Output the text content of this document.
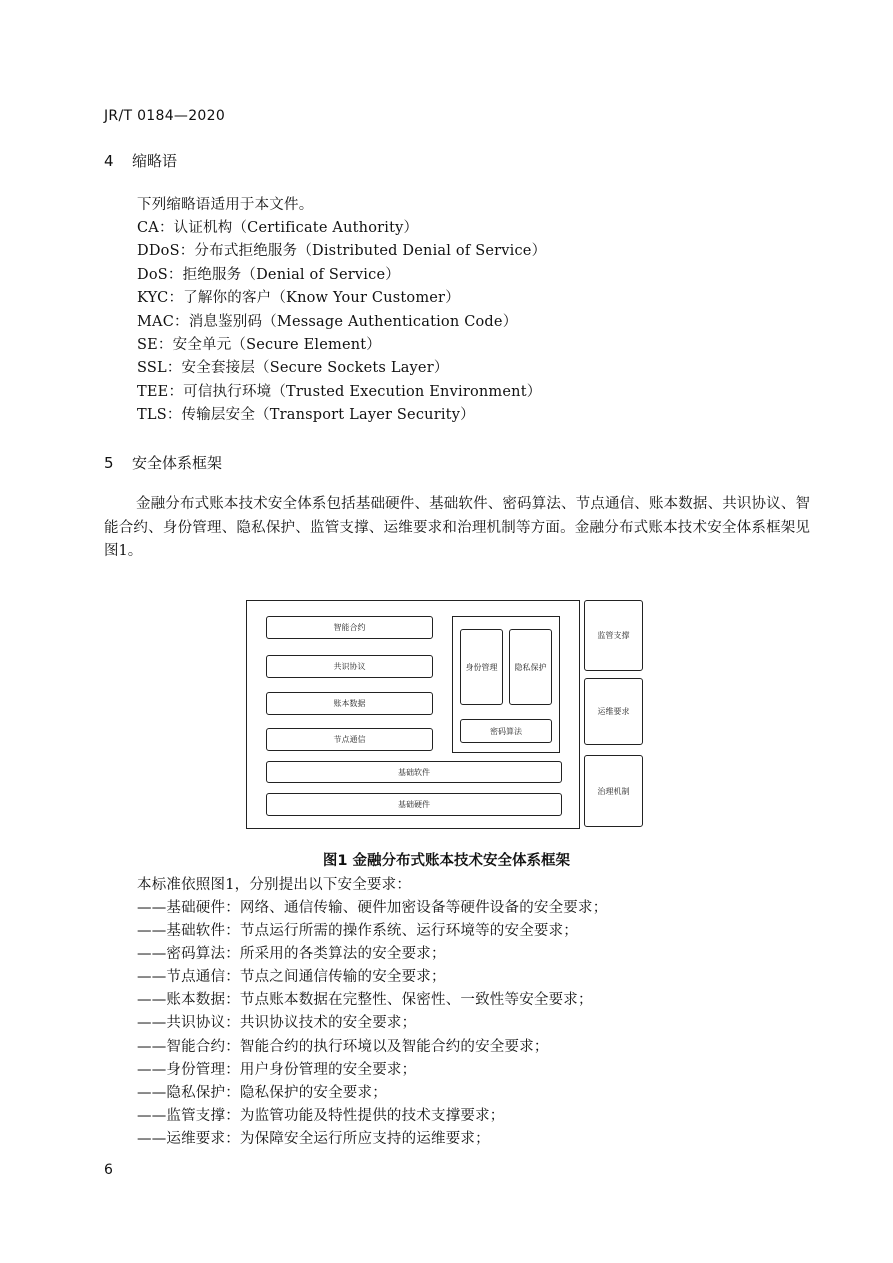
JR/T 0184—2020
4 缩略语
下列缩略语适用于本文件。
CA：认证机构（Certificate Authority）
DDoS：分布式拒绝服务（Distributed Denial of Service）
DoS：拒绝服务（Denial of Service）
KYC：了解你的客户（Know Your Customer）
MAC：消息鉴别码（Message Authentication Code）
SE：安全单元（Secure Element）
SSL：安全套接层（Secure Sockets Layer）
TEE：可信执行环境（Trusted Execution Environment）
TLS：传输层安全（Transport Layer Security）
5 安全体系框架
金融分布式账本技术安全体系包括基础硬件、基础软件、密码算法、节点通信、账本数据、共识协议、智能合约、身份管理、隐私保护、监管支撑、运维要求和治理机制等方面。金融分布式账本技术安全体系框架见图1。
智能合约
共识协议
账本数据
节点通信
身份管理	隐私保护
密码算法
基础软件
基础硬件
监管支撑
运维要求
治理机制
图1 金融分布式账本技术安全体系框架
本标准依照图1，分别提出以下安全要求：
——基础硬件：网络、通信传输、硬件加密设备等硬件设备的安全要求；
——基础软件：节点运行所需的操作系统、运行环境等的安全要求；
——密码算法：所采用的各类算法的安全要求；
——节点通信：节点之间通信传输的安全要求；
——账本数据：节点账本数据在完整性、保密性、一致性等安全要求；
——共识协议：共识协议技术的安全要求；
——智能合约：智能合约的执行环境以及智能合约的安全要求；
——身份管理：用户身份管理的安全要求；
——隐私保护：隐私保护的安全要求；
——监管支撑：为监管功能及特性提供的技术支撑要求；
——运维要求：为保障安全运行所应支持的运维要求；
6
